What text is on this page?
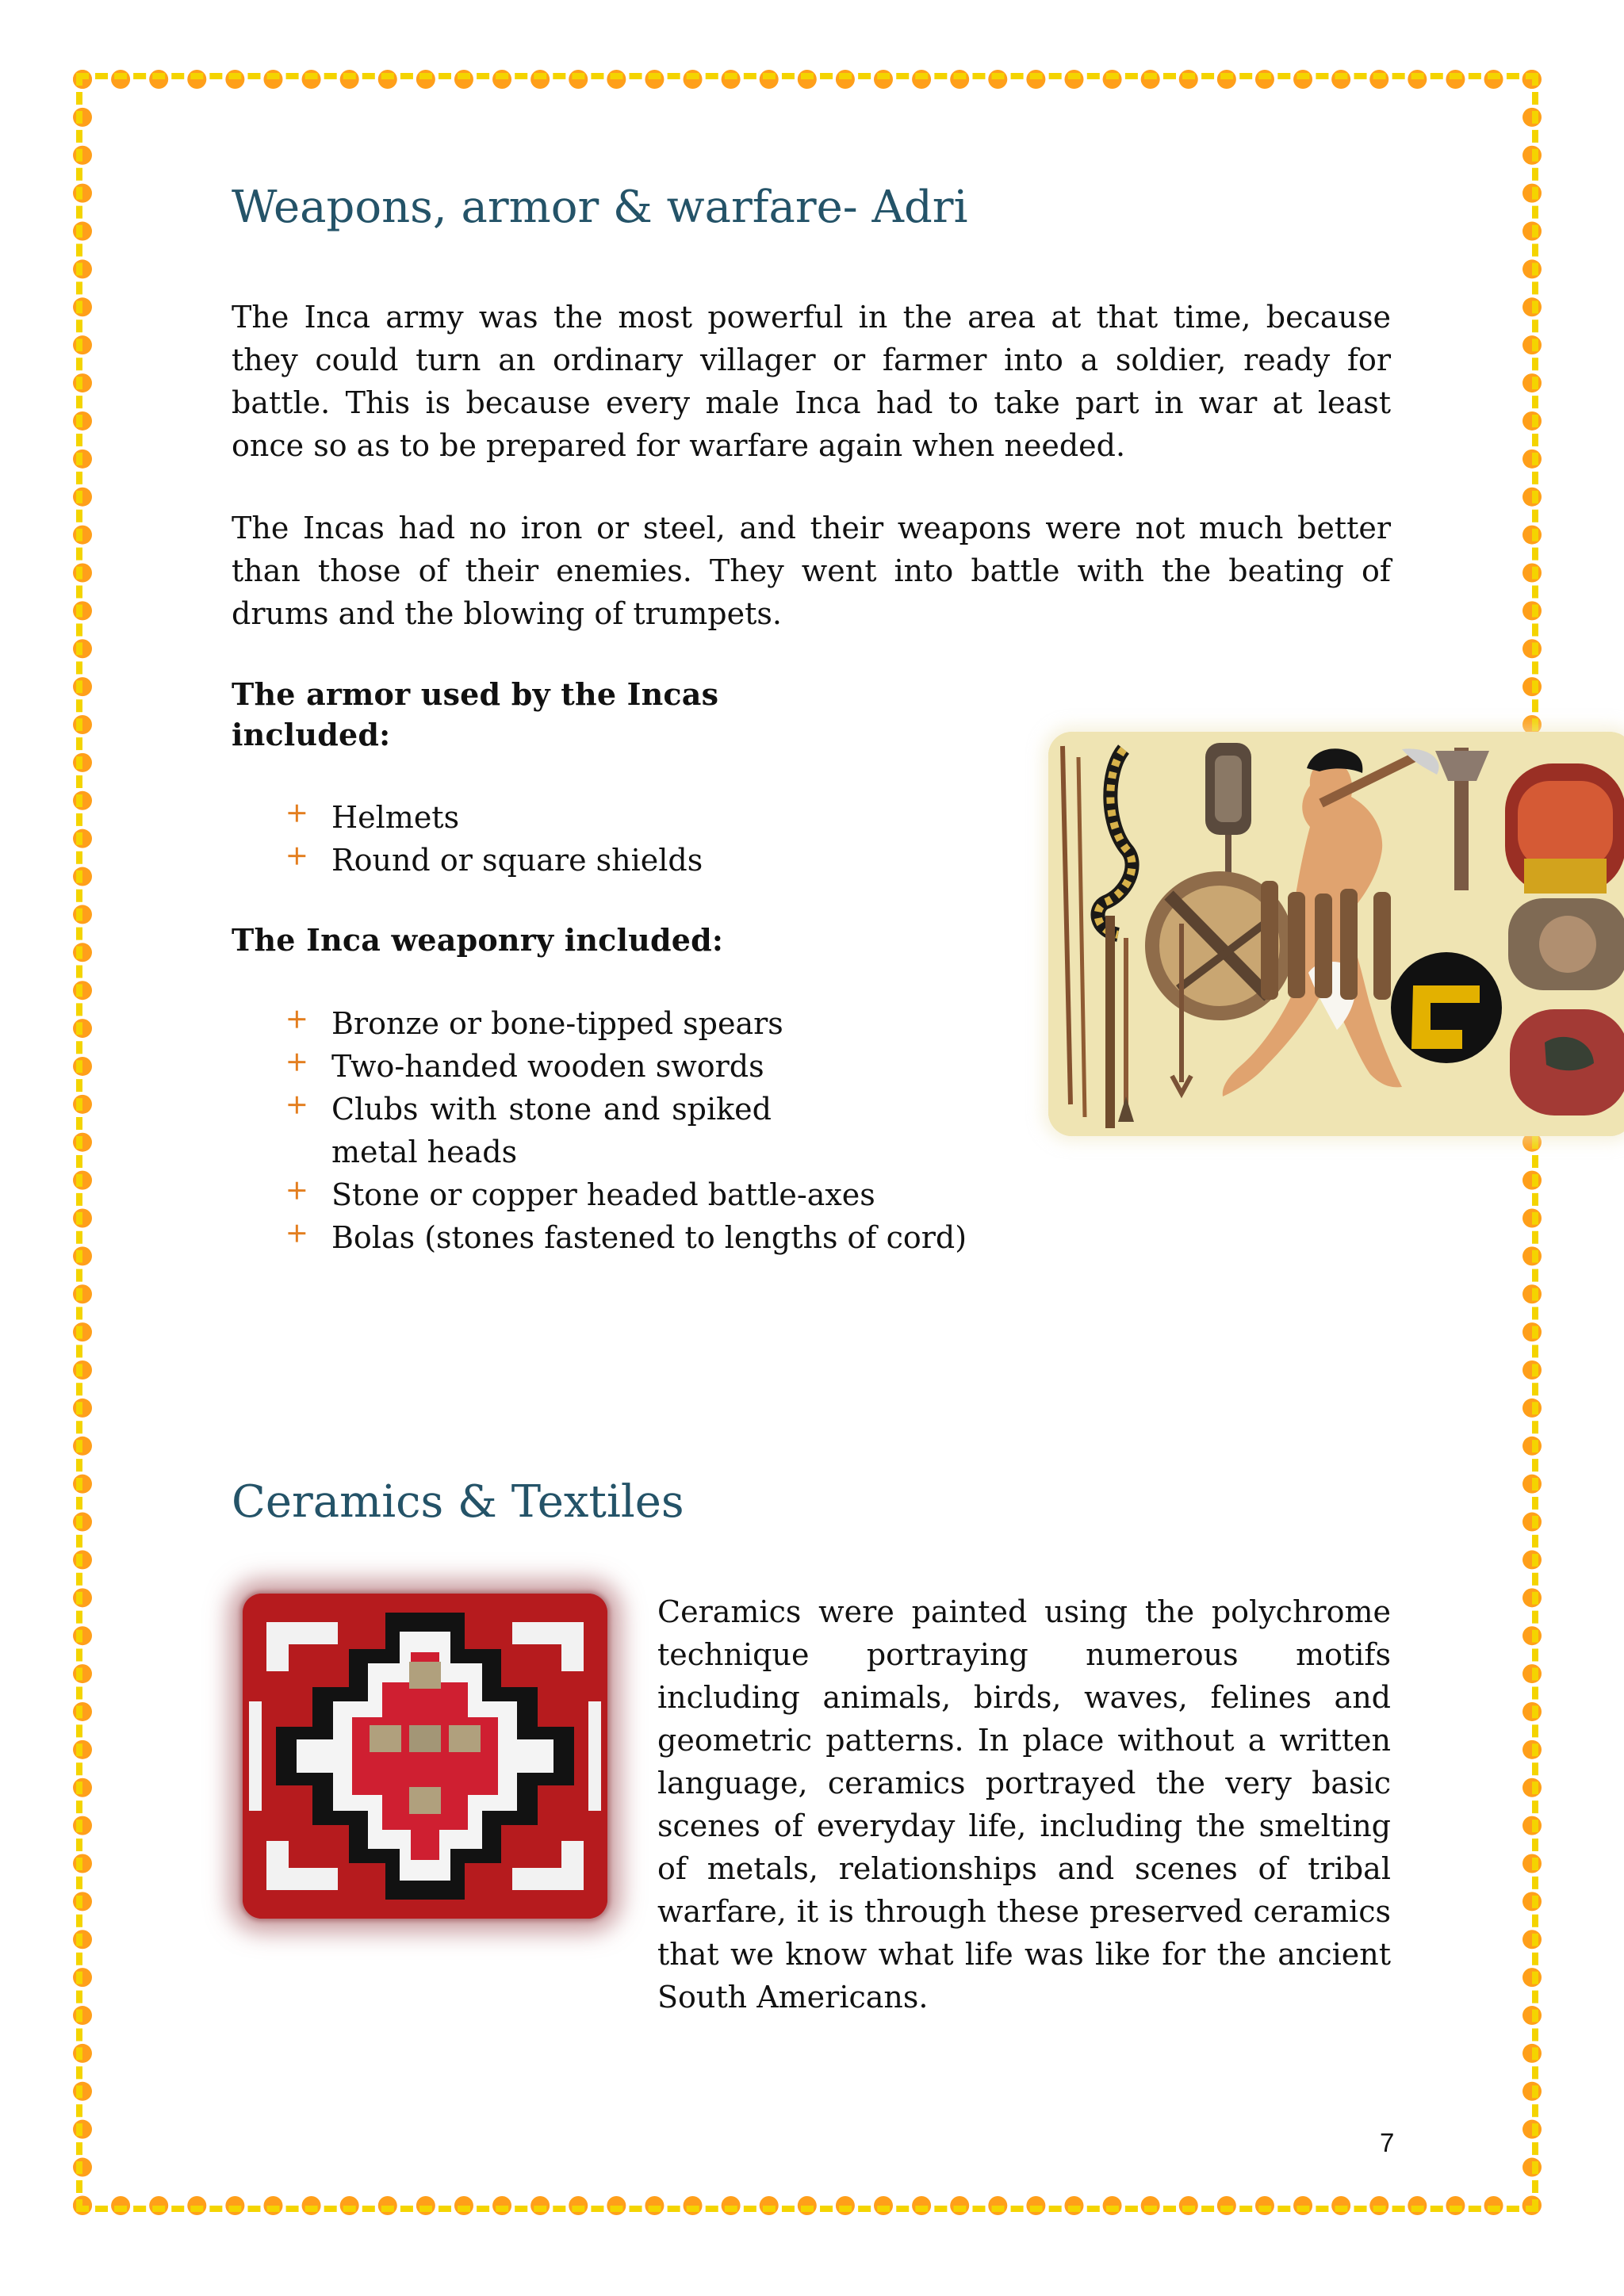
Weapons, armor & warfare- Adri

The Inca army was the most powerful in the area at that time, because they could turn an ordinary villager or farmer into a soldier, ready for battle. This is because every male Inca had to take part in war at least once so as to be prepared for warfare again when needed.

The Incas had no iron or steel, and their weapons were not much better than those of their enemies. They went into battle with the beating of drums and the blowing of trumpets.

The armor used by the Incas included:
✕ Helmets
✕ Round or square shields
The Inca weaponry included:
✕ Bronze or bone-tipped spears
✕ Two-handed wooden swords
✕ Clubs with stone and spiked metal heads
✕ Stone or copper headed battle-axes
✕ Bolas (stones fastened to lengths of cord)
Ceramics & Textiles

Ceramics were painted using the polychrome technique portraying numerous motifs including animals, birds, waves, felines and geometric patterns. In place without a written language, ceramics portrayed the very basic scenes of everyday life, including the smelting of metals, relationships and scenes of tribal warfare, it is through these preserved ceramics that we know what life was like for the ancient South Americans.

7
